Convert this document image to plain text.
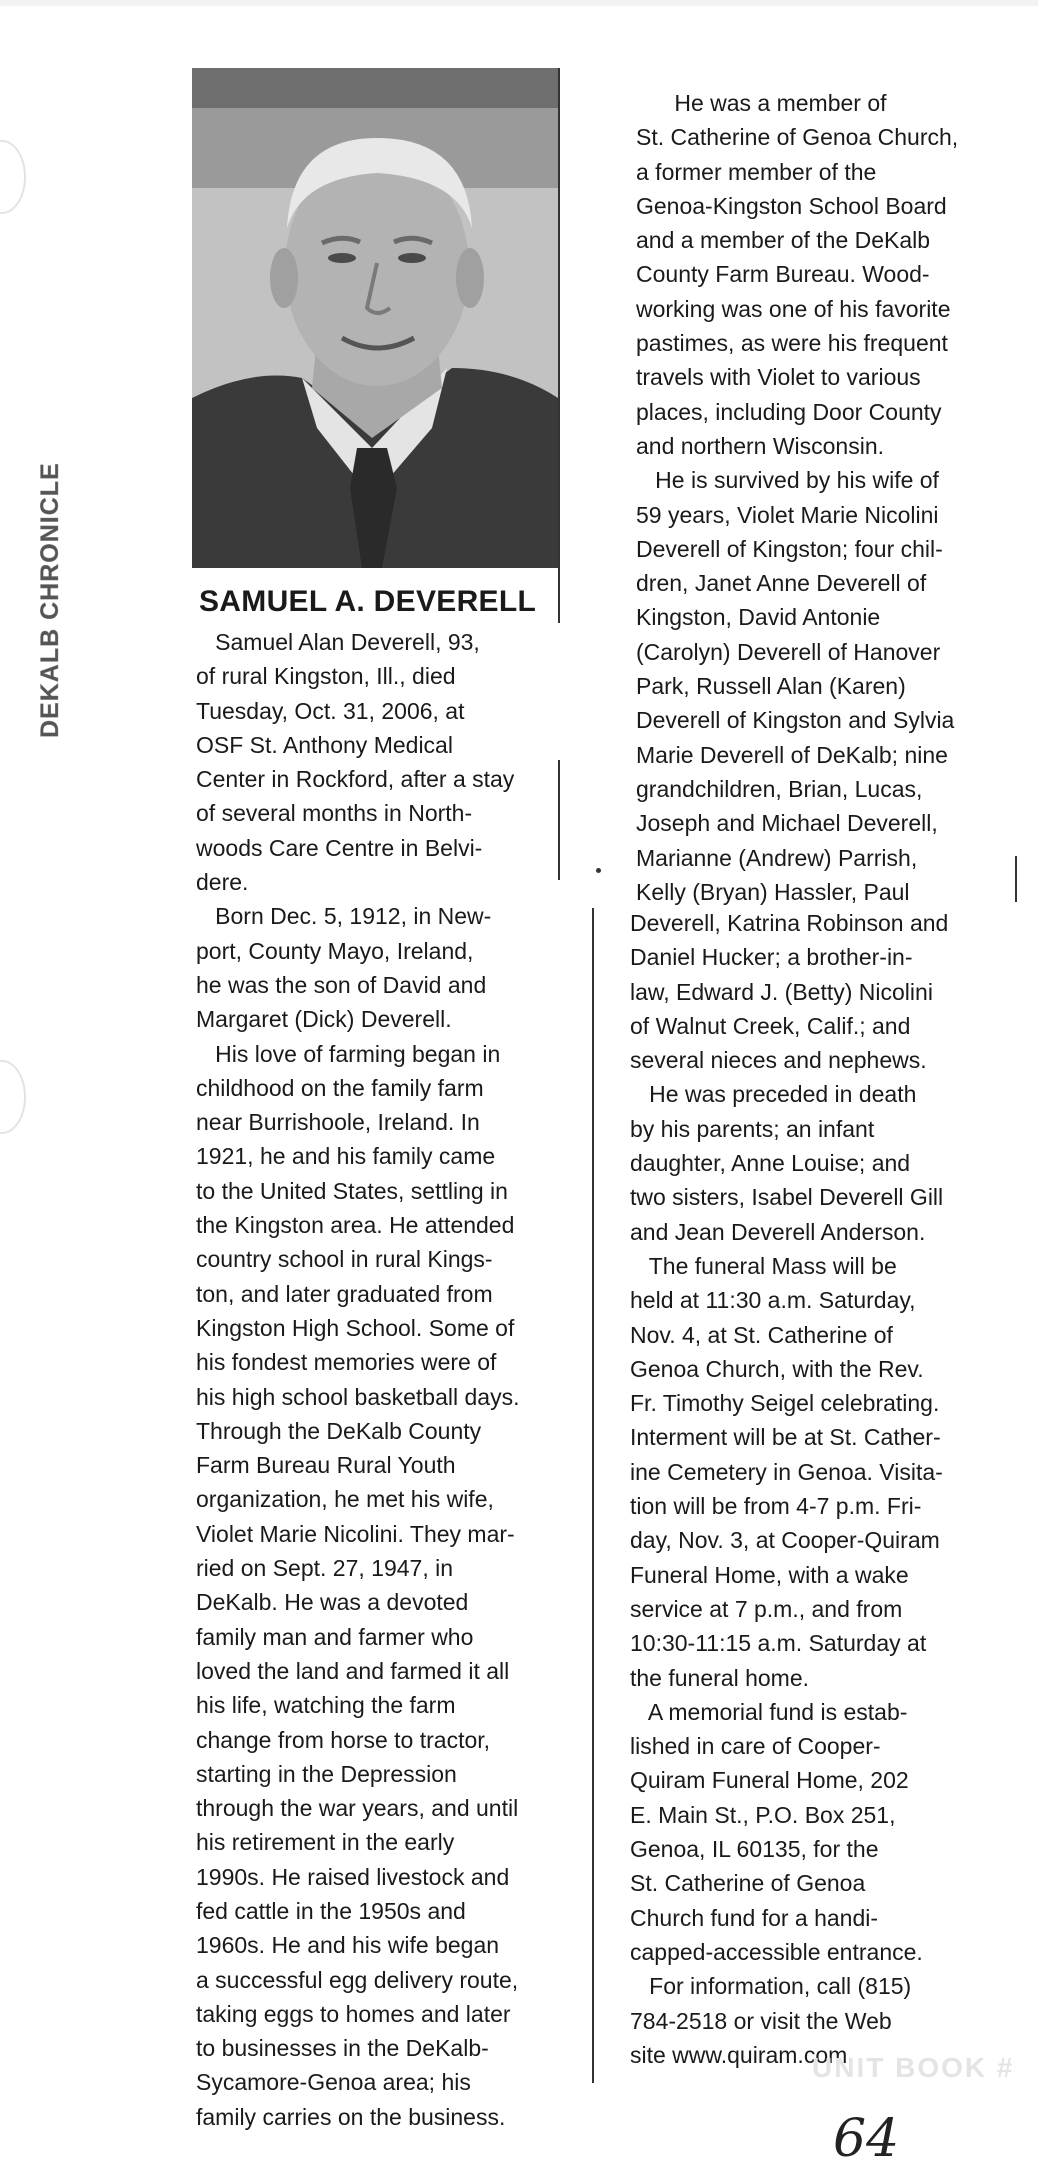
DEKALB CHRONICLE	SAMUEL A. DEVERELL

Samuel Alan Deverell, 93,

of rural Kingston, Ill., died

Tuesday, Oct. 31, 2006, at

OSF St. Anthony Medical

Center in Rockford, after a stay

of several months in North-

woods Care Centre in Belvi-

dere.

Born Dec. 5, 1912, in New-

port, County Mayo, Ireland,

he was the son of David and

Margaret (Dick) Deverell.

His love of farming began in

childhood on the family farm

near Burrishoole, Ireland. In

1921, he and his family came

to the United States, settling in

the Kingston area. He attended

country school in rural Kings-

ton, and later graduated from

Kingston High School. Some of

his fondest memories were of

his high school basketball days.

Through the DeKalb County

Farm Bureau Rural Youth

organization, he met his wife,

Violet Marie Nicolini. They mar-

ried on Sept. 27, 1947, in

DeKalb. He was a devoted

family man and farmer who

loved the land and farmed it all

his life, watching the farm

change from horse to tractor,

starting in the Depression

through the war years, and until

his retirement in the early

1990s. He raised livestock and

fed cattle in the 1950s and

1960s. He and his wife began

a successful egg delivery route,

taking eggs to homes and later

to businesses in the DeKalb-

Sycamore-Genoa area; his

family carries on the business.

He was a member of

St. Catherine of Genoa Church,

a former member of the

Genoa-Kingston School Board

and a member of the DeKalb

County Farm Bureau. Wood-

working was one of his favorite

pastimes, as were his frequent

travels with Violet to various

places, including Door County

and northern Wisconsin.

He is survived by his wife of

59 years, Violet Marie Nicolini

Deverell of Kingston; four chil-

dren, Janet Anne Deverell of

Kingston, David Antonie

(Carolyn) Deverell of Hanover

Park, Russell Alan (Karen)

Deverell of Kingston and Sylvia

Marie Deverell of DeKalb; nine

grandchildren, Brian, Lucas,

Joseph and Michael Deverell,

Marianne (Andrew) Parrish,

Kelly (Bryan) Hassler, Paul

Deverell, Katrina Robinson and

Daniel Hucker; a brother-in-

law, Edward J. (Betty) Nicolini

of Walnut Creek, Calif.; and

several nieces and nephews.

He was preceded in death

by his parents; an infant

daughter, Anne Louise; and

two sisters, Isabel Deverell Gill

and Jean Deverell Anderson.

The funeral Mass will be

held at 11:30 a.m. Saturday,

Nov. 4, at St. Catherine of

Genoa Church, with the Rev.

Fr. Timothy Seigel celebrating.

Interment will be at St. Cather-

ine Cemetery in Genoa. Visita-

tion will be from 4-7 p.m. Fri-

day, Nov. 3, at Cooper-Quiram

Funeral Home, with a wake

service at 7 p.m., and from

10:30-11:15 a.m. Saturday at

the funeral home.

A memorial fund is estab-

lished in care of Cooper-

Quiram Funeral Home, 202

E. Main St., P.O. Box 251,

Genoa, IL 60135, for the

St. Catherine of Genoa

Church fund for a handi-

capped-accessible entrance.

For information, call (815)

784-2518 or visit the Web

site www.quiram.com.

UNIT BOOK #
64
